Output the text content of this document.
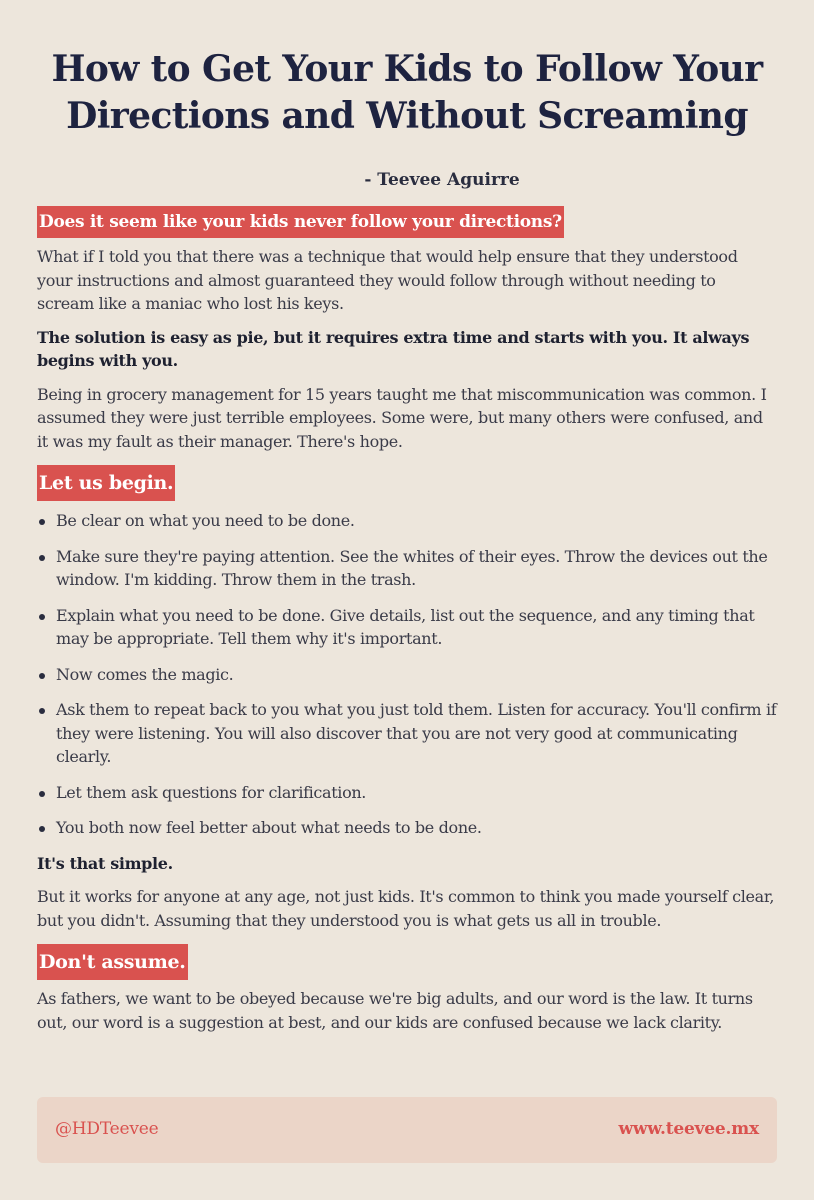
How to Get Your Kids to Follow Your Directions and Without Screaming
- Teevee Aguirre
Does it seem like your kids never follow your directions?

What if I told you that there was a technique that would help ensure that they understood your instructions and almost guaranteed they would follow through without needing to scream like a maniac who lost his keys.

The solution is easy as pie, but it requires extra time and starts with you. It always begins with you.

Being in grocery management for 15 years taught me that miscommunication was common. I assumed they were just terrible employees. Some were, but many others were confused, and it was my fault as their manager. There's hope.

Let us begin.
Be clear on what you need to be done.
Make sure they're paying attention. See the whites of their eyes. Throw the devices out the window. I'm kidding. Throw them in the trash.
Explain what you need to be done. Give details, list out the sequence, and any timing that may be appropriate. Tell them why it's important.
Now comes the magic.
Ask them to repeat back to you what you just told them. Listen for accuracy. You'll confirm if they were listening. You will also discover that you are not very good at communicating clearly.
Let them ask questions for clarification.
You both now feel better about what needs to be done.

It's that simple.

But it works for anyone at any age, not just kids. It's common to think you made yourself clear, but you didn't. Assuming that they understood you is what gets us all in trouble.

Don't assume.

As fathers, we want to be obeyed because we're big adults, and our word is the law. It turns out, our word is a suggestion at best, and our kids are confused because we lack clarity.

@HDTeevee	www.teevee.mx
